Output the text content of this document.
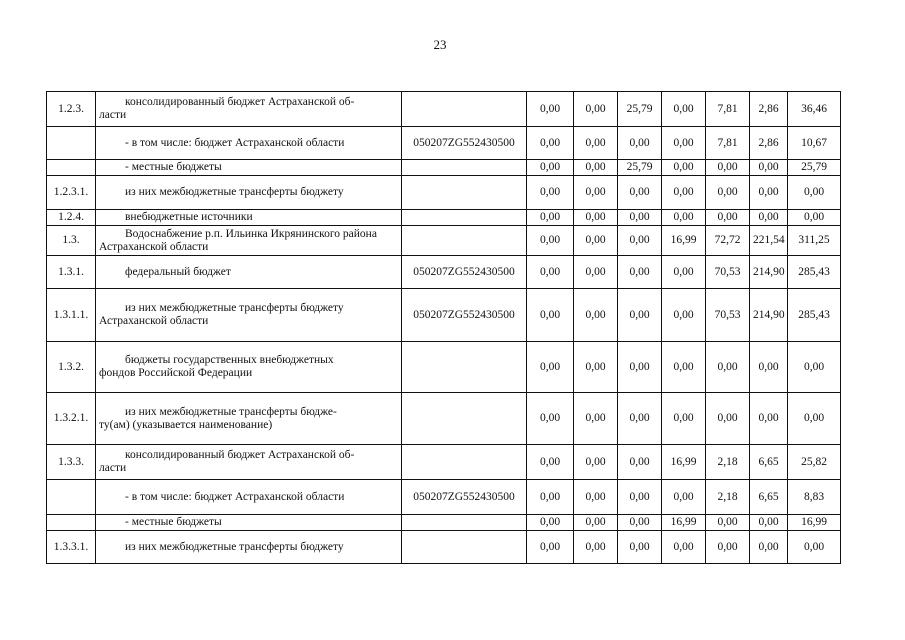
23
1.2.3.	консолидированный бюджет Астраханской об-
ласти		0,00	0,00	25,79	0,00	7,81	2,86	36,46

	- в том числе: бюджет Астраханской области	050207ZG552430500	0,00	0,00	0,00	0,00	7,81	2,86	10,67

	- местные бюджеты		0,00	0,00	25,79	0,00	0,00	0,00	25,79
1.2.3.1.	из них межбюджетные трансферты бюджету		0,00	0,00	0,00	0,00	0,00	0,00	0,00
1.2.4.	внебюджетные источники		0,00	0,00	0,00	0,00	0,00	0,00	0,00
1.3.	Водоснабжение р.п. Ильинка Икрянинского района
Астраханской области		0,00	0,00	0,00	16,99	72,72	221,54	311,25
1.3.1.	федеральный бюджет	050207ZG552430500	0,00	0,00	0,00	0,00	70,53	214,90	285,43
1.3.1.1.	из них межбюджетные трансферты бюджету
Астраханской области	050207ZG552430500	0,00	0,00	0,00	0,00	70,53	214,90	285,43
1.3.2.	бюджеты государственных внебюджетных
фондов Российской Федерации		0,00	0,00	0,00	0,00	0,00	0,00	0,00
1.3.2.1.	из них межбюджетные трансферты бюдже-
ту(ам) (указывается наименование)		0,00	0,00	0,00	0,00	0,00	0,00	0,00
1.3.3.	консолидированный бюджет Астраханской об-
ласти		0,00	0,00	0,00	16,99	2,18	6,65	25,82

	- в том числе: бюджет Астраханской области	050207ZG552430500	0,00	0,00	0,00	0,00	2,18	6,65	8,83

	- местные бюджеты		0,00	0,00	0,00	16,99	0,00	0,00	16,99
1.3.3.1.	из них межбюджетные трансферты бюджету		0,00	0,00	0,00	0,00	0,00	0,00	0,00
